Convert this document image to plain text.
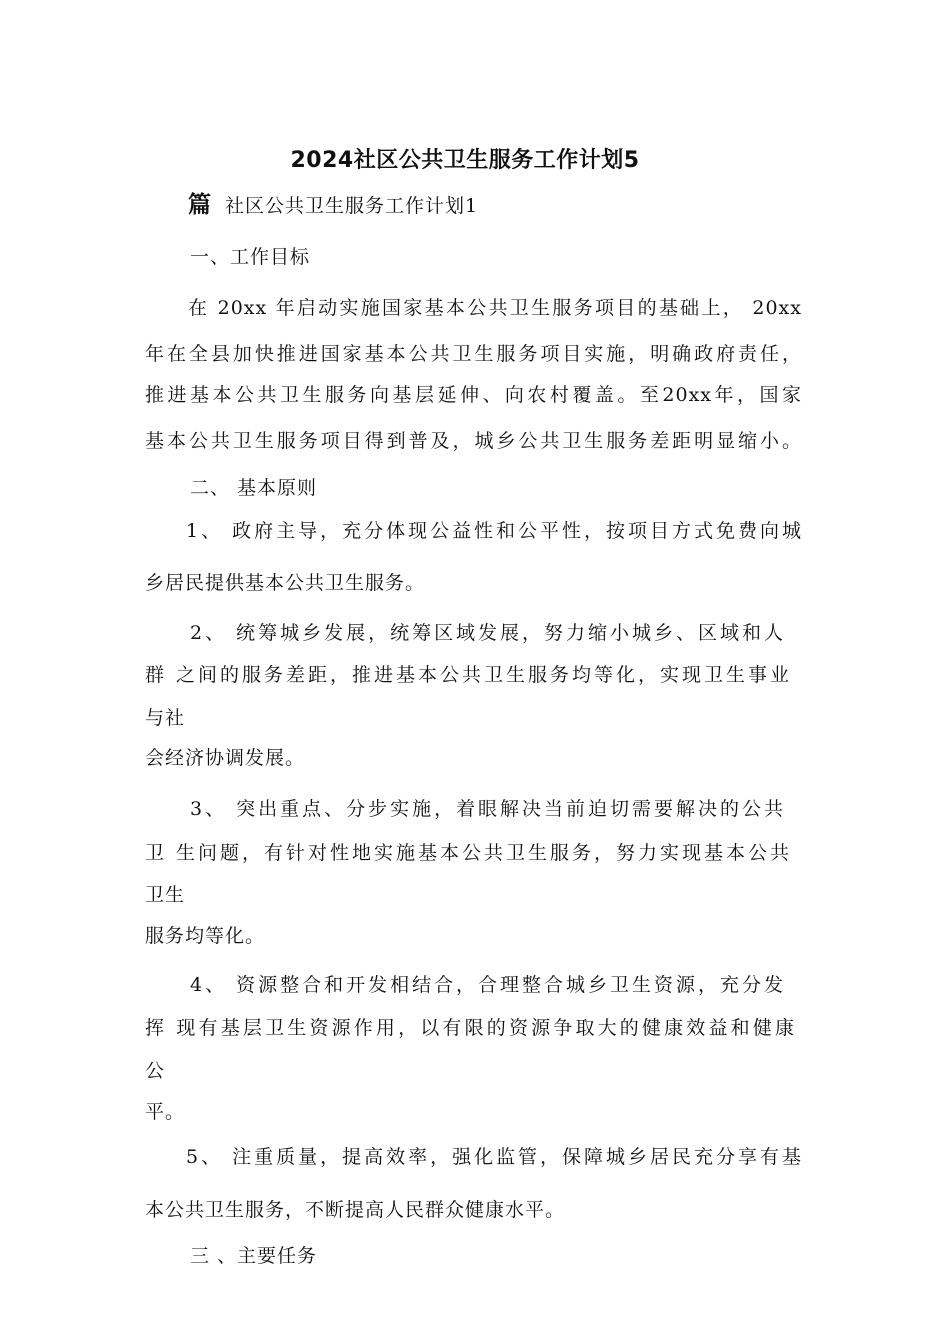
2024社区公共卫生服务工作计划5
篇 社区公共卫生服务工作计划1
一、工作目标
在 20xx 年启动实施国家基本公共卫生服务项目的基础上， 20xx
年在全县加快推进国家基本公共卫生服务项目实施，明确政府责任，
推进基本公共卫生服务向基层延伸、向农村覆盖。至20xx年，国家
基本公共卫生服务项目得到普及，城乡公共卫生服务差距明显缩小。
二、 基本原则
1、 政府主导，充分体现公益性和公平性，按项目方式免费向城
乡居民提供基本公共卫生服务。
2、 统筹城乡发展，统筹区域发展，努力缩小城乡、区域和人
群 之间的服务差距，推进基本公共卫生服务均等化，实现卫生事业
与社
会经济协调发展。
3、 突出重点、分步实施，着眼解决当前迫切需要解决的公共
卫 生问题，有针对性地实施基本公共卫生服务，努力实现基本公共
卫生
服务均等化。
4、 资源整合和开发相结合，合理整合城乡卫生资源，充分发
挥 现有基层卫生资源作用，以有限的资源争取大的健康效益和健康
公
平。
5、 注重质量，提高效率，强化监管，保障城乡居民充分享有基
本公共卫生服务，不断提高人民群众健康水平。
三 、主要任务
